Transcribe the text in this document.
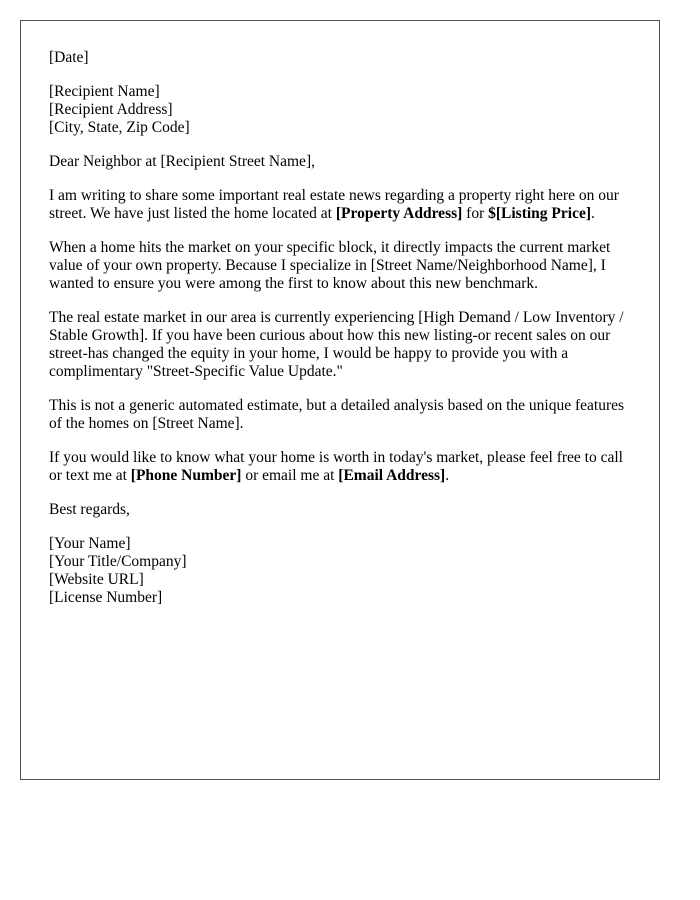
[Date]
[Recipient Name]
[Recipient Address]
[City, State, Zip Code]

Dear Neighbor at [Recipient Street Name],

I am writing to share some important real estate news regarding a property right here on our street. We have just listed the home located at [Property Address] for $[Listing Price].

When a home hits the market on your specific block, it directly impacts the current market value of your own property. Because I specialize in [Street Name/Neighborhood Name], I wanted to ensure you were among the first to know about this new benchmark.

The real estate market in our area is currently experiencing [High Demand / Low Inventory / Stable Growth]. If you have been curious about how this new listing-or recent sales on our street-has changed the equity in your home, I would be happy to provide you with a complimentary "Street-Specific Value Update."

This is not a generic automated estimate, but a detailed analysis based on the unique features of the homes on [Street Name].

If you would like to know what your home is worth in today's market, please feel free to call or text me at [Phone Number] or email me at [Email Address].

Best regards,

[Your Name]
[Your Title/Company]
[Website URL]
[License Number]
